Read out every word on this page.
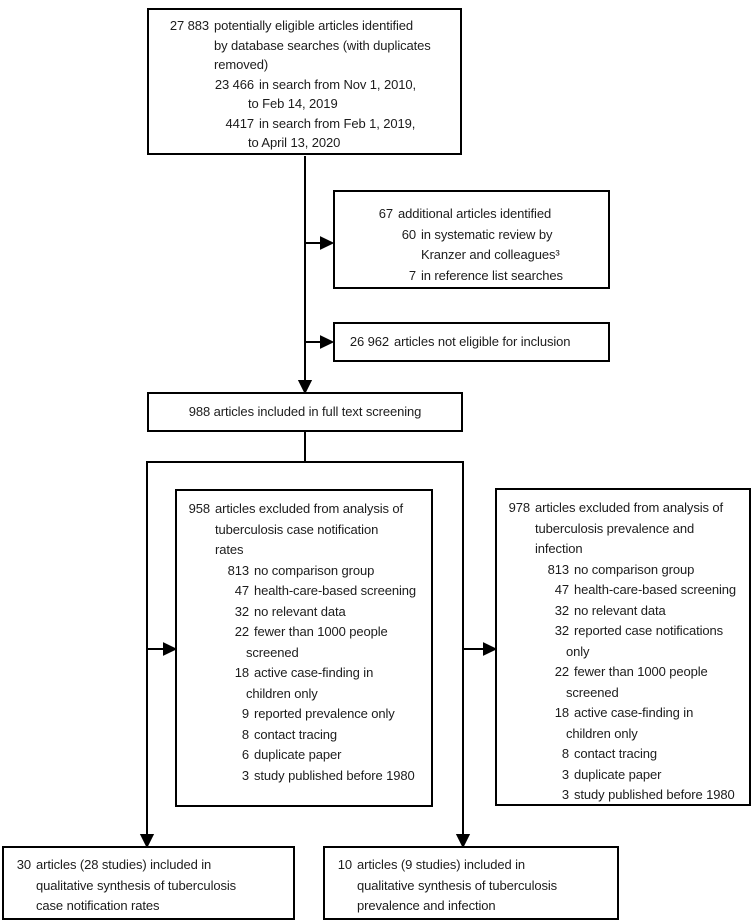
27 883 potentially eligible articles identified
by database searches (with duplicates
removed)
23 466 in search from Nov 1, 2010,
to Feb 14, 2019
4417 in search from Feb 1, 2019,
to April 13, 2020
67 additional articles identified
60 in systematic review by
Kranzer and colleagues³
7 in reference list searches
26 962 articles not eligible for inclusion
988 articles included in full text screening
958 articles excluded from analysis of
tuberculosis case notification
rates
813 no comparison group
47 health-care-based screening
32 no relevant data
22 fewer than 1000 people
screened
18 active case-finding in
children only
9 reported prevalence only
8 contact tracing
6 duplicate paper
3 study published before 1980
978 articles excluded from analysis of
tuberculosis prevalence and
infection
813 no comparison group
47 health-care-based screening
32 no relevant data
32 reported case notifications
only
22 fewer than 1000 people
screened
18 active case-finding in
children only
8 contact tracing
3 duplicate paper
3 study published before 1980
30 articles (28 studies) included in
qualitative synthesis of tuberculosis
case notification rates
10 articles (9 studies) included in
qualitative synthesis of tuberculosis
prevalence and infection
